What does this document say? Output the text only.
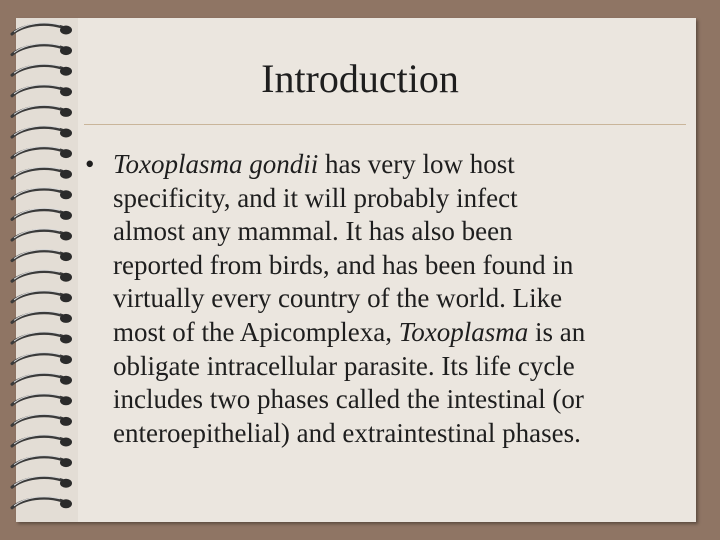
Introduction
• Toxoplasma gondii has very low host
specificity, and it will probably infect
almost any mammal. It has also been
reported from birds, and has been found in
virtually every country of the world. Like
most of the Apicomplexa, Toxoplasma is an
obligate intracellular parasite. Its life cycle
includes two phases called the intestinal (or
enteroepithelial) and extraintestinal phases.
